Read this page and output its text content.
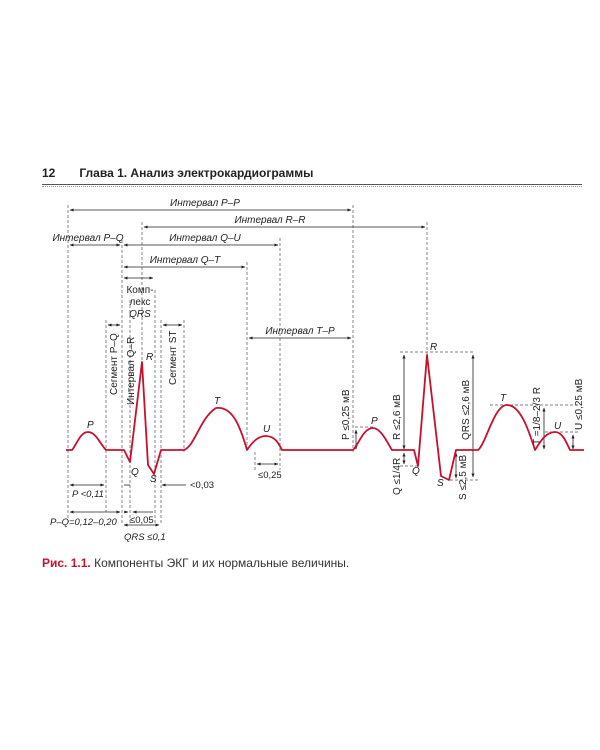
12 Глава 1. Анализ электрокардиограммы
Интервал P–P
Интервал R–R
Интервал P–Q	Интервал Q–U
Интервал Q–T
Интервал T–P
Комп-
лекс
QRS
Сегмент P–Q Интервал Q–R	Сегмент ST
P ≤0,25 мВ	R ≤2,6 мВ
Q ≤1/4R
QRS ≤2,6 мВ
S ≤2,5 мВ
T =1/8–2/3 R	U ≤0,25 мВ
P
Q
R
S
T
U
P
Q
R
S
T
U
P <0,11
P–Q=0,12–0,20 ≤0,05
QRS ≤0,1
<0,03
≤0,25
Рис. 1.1. Компоненты ЭКГ и их нормальные величины.
